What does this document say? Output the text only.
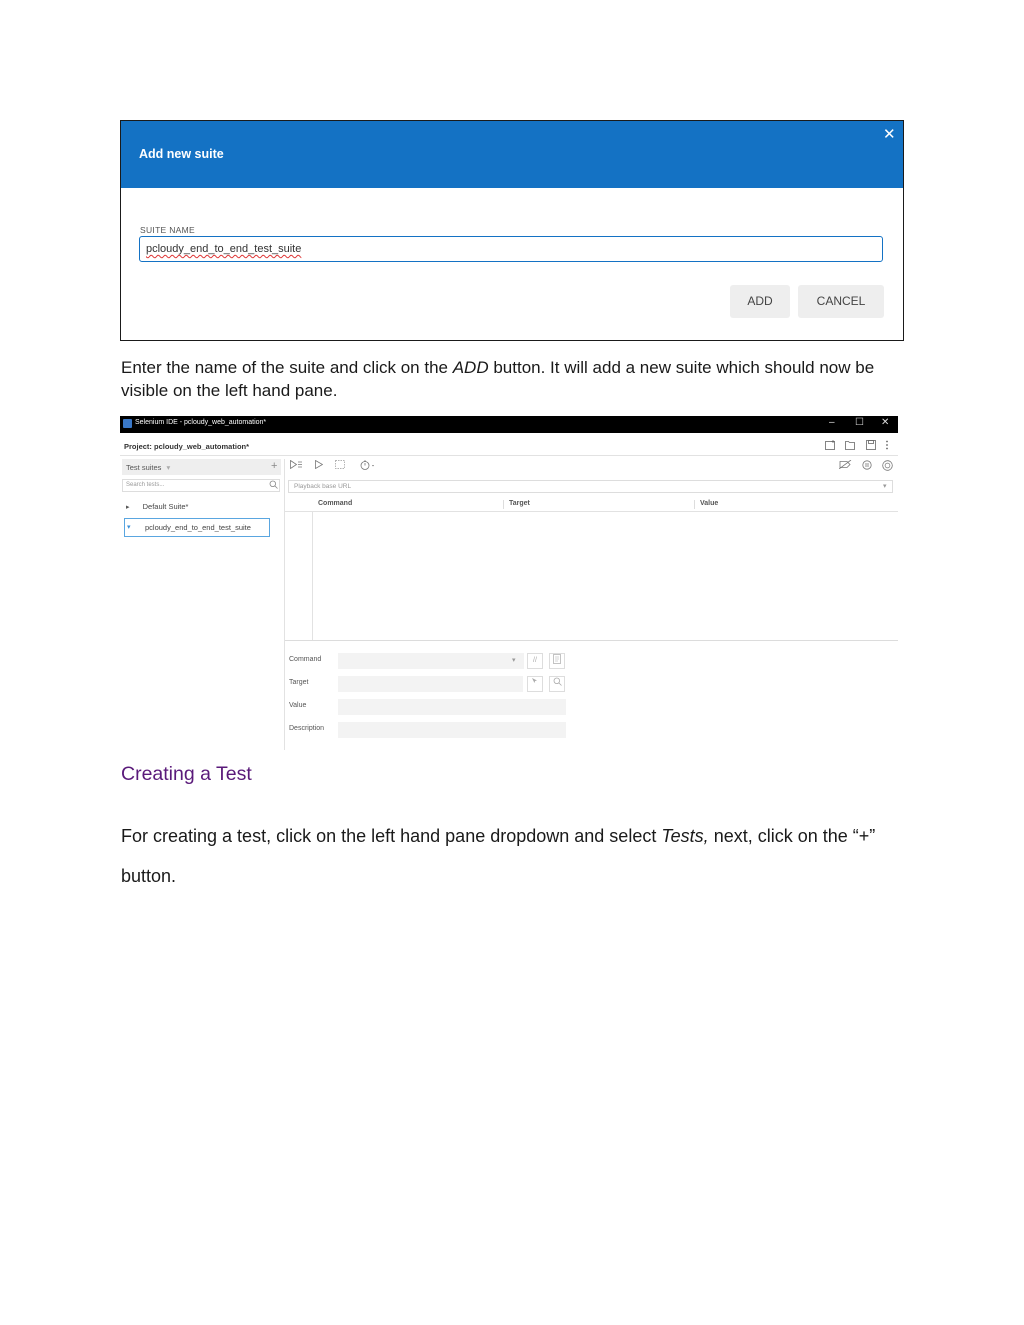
Add new suite
✕
SUITE NAME
pcloudy_end_to_end_test_suite
ADD	CANCEL
Enter the name of the suite and click on the ADD button. It will add a new suite which should now be visible on the left hand pane.
Selenium IDE - pcloudy_web_automation*	– ☐ ✕
Project: pcloudy_web_automation*
Test suites ▾	+
Search tests...
▸ Default Suite*
▾ pcloudy_end_to_end_test_suite
Playback base URL	▾
Command	Target	Value
Command	▾	//
Target
Value
Description
Creating a Test
For creating a test, click on the left hand pane dropdown and select Tests, next, click on the “+” button.
